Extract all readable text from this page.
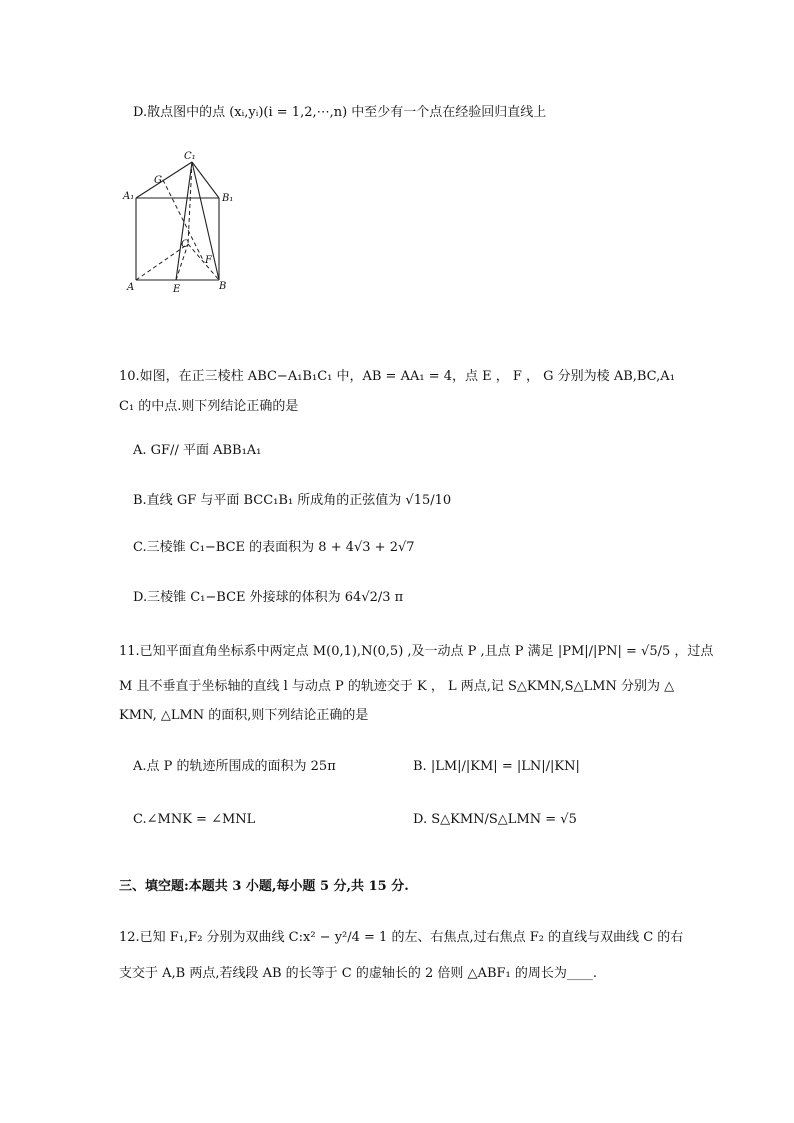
D.散点图中的点 (xᵢ,yᵢ)(i = 1,2,⋯,n) 中至少有一个点在经验回归直线上
C₁
G
A₁	B₁
C
F
A	E	B
10.如图，在正三棱柱 ABC−A₁B₁C₁ 中，AB = AA₁ = 4，点 E ， F ， G 分别为棱 AB,BC,A₁
C₁ 的中点.则下列结论正确的是
A. GF// 平面 ABB₁A₁
B.直线 GF 与平面 BCC₁B₁ 所成角的正弦值为 √15/10
C.三棱锥 C₁−BCE 的表面积为 8 + 4√3 + 2√7
D.三棱锥 C₁−BCE 外接球的体积为 64√2/3 π
11.已知平面直角坐标系中两定点 M(0,1),N(0,5) ,及一动点 P ,且点 P 满足 |PM|/|PN| = √5/5 ，过点
M 且不垂直于坐标轴的直线 l 与动点 P 的轨迹交于 K ， L 两点,记 S△KMN,S△LMN 分别为 △
KMN, △LMN 的面积,则下列结论正确的是
A.点 P 的轨迹所围成的面积为 25π	B. |LM|/|KM| = |LN|/|KN|
C.∠MNK = ∠MNL	D. S△KMN/S△LMN = √5
三、填空题:本题共 3 小题,每小题 5 分,共 15 分.
12.已知 F₁,F₂ 分别为双曲线 C:x² − y²/4 = 1 的左、右焦点,过右焦点 F₂ 的直线与双曲线 C 的右
支交于 A,B 两点,若线段 AB 的长等于 C 的虚轴长的 2 倍则 △ABF₁ 的周长为____.
